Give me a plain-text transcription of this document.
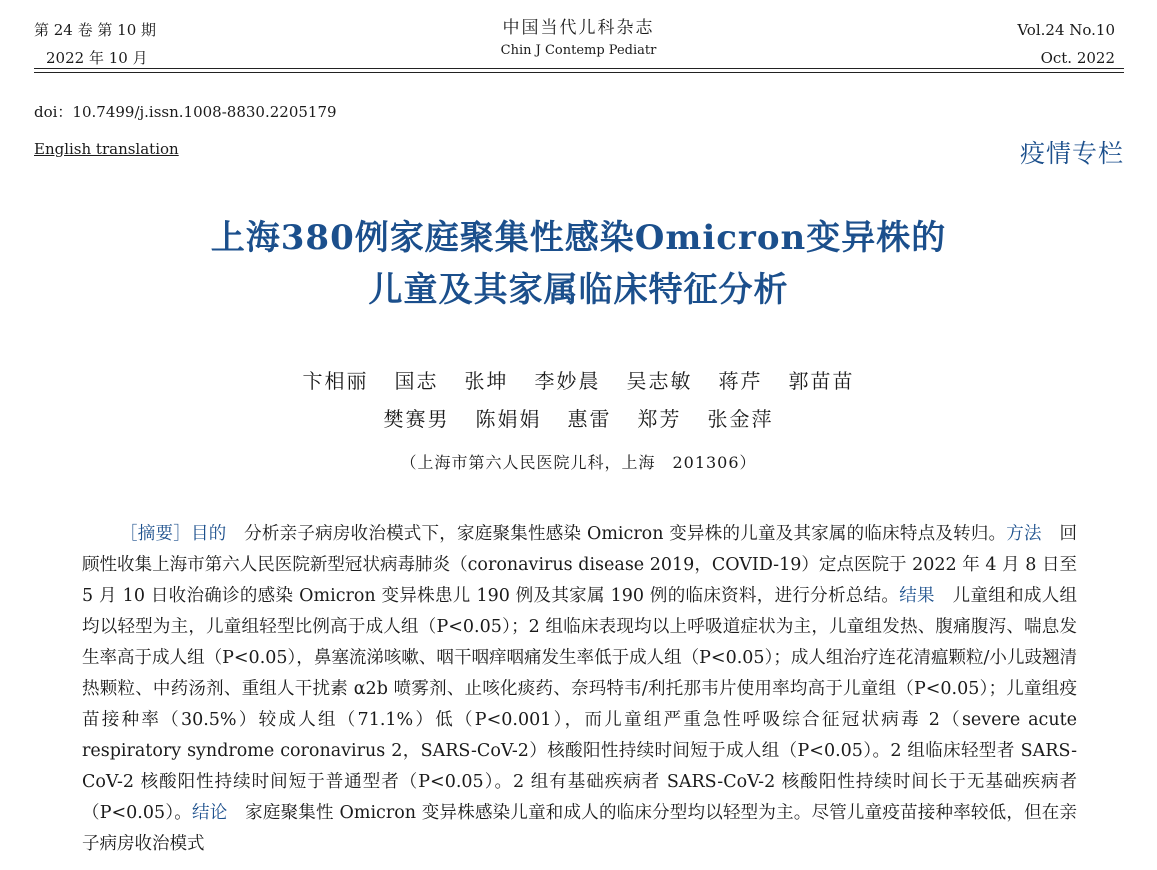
第 24 卷 第 10 期
2022 年 10 月
中国当代儿科杂志
Chin J Contemp Pediatr
Vol.24 No.10
Oct. 2022
doi：10.7499/j.issn.1008-8830.2205179
English translation	疫情专栏
上海380例家庭聚集性感染Omicron变异株的
儿童及其家属临床特征分析
卞相丽 国志 张坤 李妙晨 吴志敏 蒋芹 郭苗苗
樊赛男 陈娟娟 惠雷 郑芳 张金萍
（上海市第六人民医院儿科，上海　201306）

［摘要］目的　分析亲子病房收治模式下，家庭聚集性感染 Omicron 变异株的儿童及其家属的临床特点及转归。方法　回顾性收集上海市第六人民医院新型冠状病毒肺炎（coronavirus disease 2019，COVID-19）定点医院于 2022 年 4 月 8 日至 5 月 10 日收治确诊的感染 Omicron 变异株患儿 190 例及其家属 190 例的临床资料，进行分析总结。结果　儿童组和成人组均以轻型为主，儿童组轻型比例高于成人组（P<0.05）；2 组临床表现均以上呼吸道症状为主，儿童组发热、腹痛腹泻、喘息发生率高于成人组（P<0.05），鼻塞流涕咳嗽、咽干咽痒咽痛发生率低于成人组（P<0.05）；成人组治疗连花清瘟颗粒/小儿豉翘清热颗粒、中药汤剂、重组人干扰素 α2b 喷雾剂、止咳化痰药、奈玛特韦/利托那韦片使用率均高于儿童组（P<0.05）；儿童组疫苗接种率（30.5%）较成人组（71.1%）低（P<0.001），而儿童组严重急性呼吸综合征冠状病毒 2（severe acute respiratory syndrome coronavirus 2，SARS-CoV-2）核酸阳性持续时间短于成人组（P<0.05）。2 组临床轻型者 SARS-CoV-2 核酸阳性持续时间短于普通型者（P<0.05）。2 组有基础疾病者 SARS-CoV-2 核酸阳性持续时间长于无基础疾病者（P<0.05）。结论　家庭聚集性 Omicron 变异株感染儿童和成人的临床分型均以轻型为主。尽管儿童疫苗接种率较低，但在亲子病房收治模式
